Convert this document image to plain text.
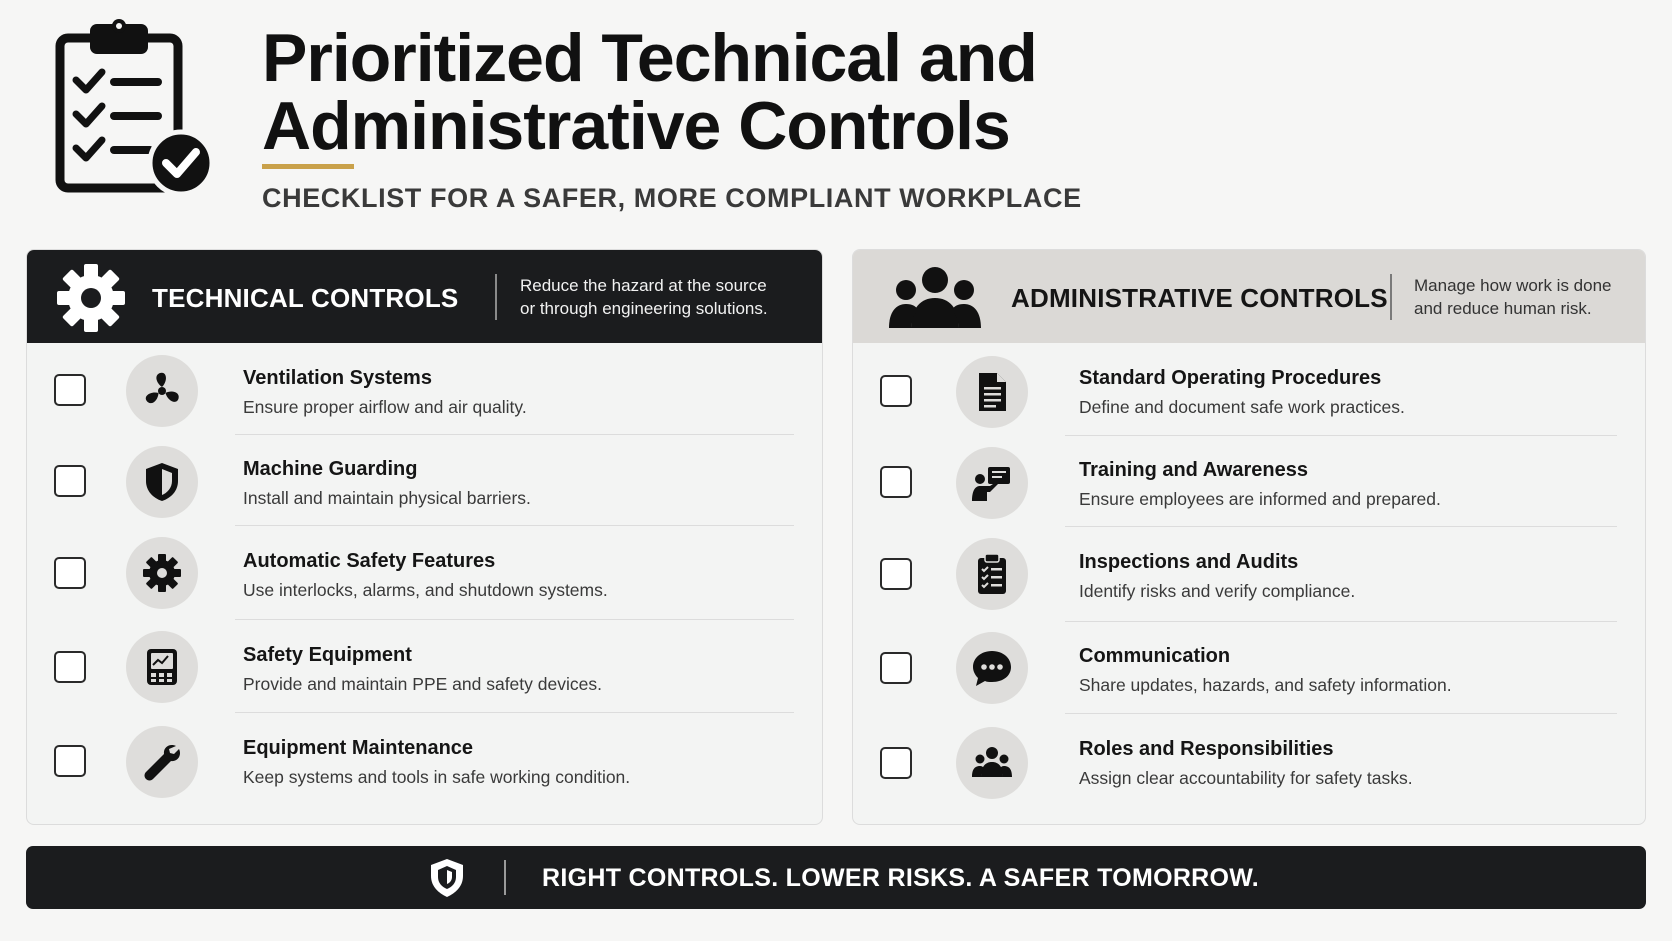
Prioritized Technical and
Administrative Controls
CHECKLIST FOR A SAFER, MORE COMPLIANT WORKPLACE
TECHNICAL CONTROLS	Reduce the hazard at the source
or through engineering solutions.
Ventilation Systems
Ensure proper airflow and air quality.
Machine Guarding
Install and maintain physical barriers.
Automatic Safety Features
Use interlocks, alarms, and shutdown systems.
Safety Equipment
Provide and maintain PPE and safety devices.
Equipment Maintenance
Keep systems and tools in safe working condition.
ADMINISTRATIVE CONTROLS Manage how work is done
and reduce human risk.
Standard Operating Procedures
Define and document safe work practices.
Training and Awareness
Ensure employees are informed and prepared.
Inspections and Audits
Identify risks and verify compliance.
Communication
Share updates, hazards, and safety information.
Roles and Responsibilities
Assign clear accountability for safety tasks.
RIGHT CONTROLS. LOWER RISKS. A SAFER TOMORROW.
